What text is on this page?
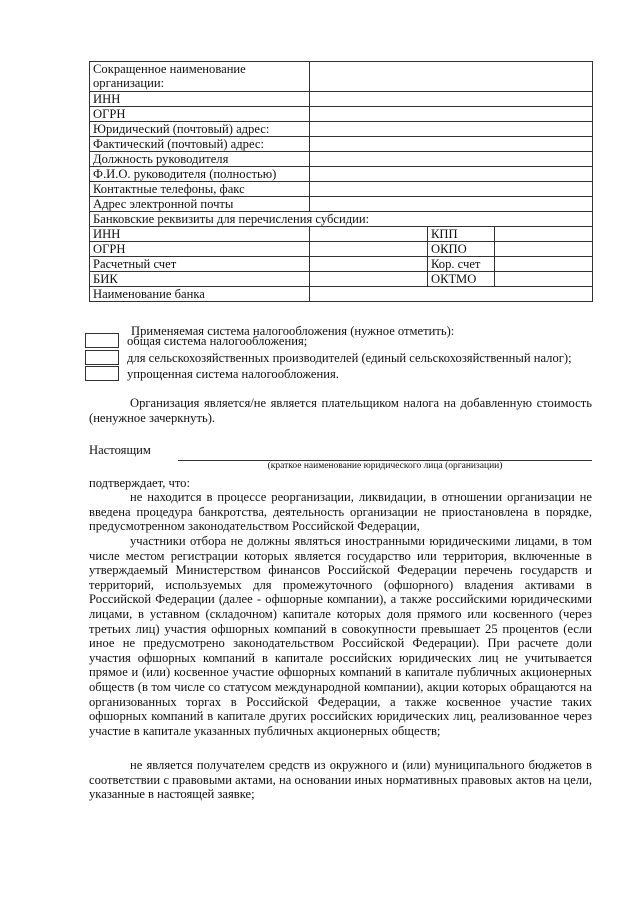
Сокращенное наименование организации:			
ИНН			
ОГРН			
Юридический (почтовый) адрес:			
Фактический (почтовый) адрес:			
Должность руководителя			
Ф.И.О. руководителя (полностью)			
Контактные телефоны, факс			
Адрес электронной почты			
Банковские реквизиты для перечисления субсидии:			
ИНН		КПП	
ОГРН		ОКПО	
Расчетный счет		Кор. счет	
БИК		ОКТМО	
Наименование банка			
Применяемая система налогообложения (нужное отметить):
общая система налогообложения;
для сельскохозяйственных производителей (единый сельскохозяйственный налог);
упрощенная система налогообложения.
Организация является/не является плательщиком налога на добавленную стоимость (ненужное зачеркнуть).
Настоящим
(краткое наименование юридического лица (организации)
подтверждает, что:
не находится в процессе реорганизации, ликвидации, в отношении организации не введена процедура банкротства, деятельность организации не приостановлена в порядке, предусмотренном законодательством Российской Федерации,
участники отбора не должны являться иностранными юридическими лицами, в том числе местом регистрации которых является государство или территория, включенные в утверждаемый Министерством финансов Российской Федерации перечень государств и территорий, используемых для промежуточного (офшорного) владения активами в Российской Федерации (далее - офшорные компании), а также российскими юридическими лицами, в уставном (складочном) капитале которых доля прямого или косвенного (через третьих лиц) участия офшорных компаний в совокупности превышает 25 процентов (если иное не предусмотрено законодательством Российской Федерации). При расчете доли участия офшорных компаний в капитале российских юридических лиц не учитывается прямое и (или) косвенное участие офшорных компаний в капитале публичных акционерных обществ (в том числе со статусом международной компании), акции которых обращаются на организованных торгах в Российской Федерации, а также косвенное участие таких офшорных компаний в капитале других российских юридических лиц, реализованное через участие в капитале указанных публичных акционерных обществ;
не является получателем средств из окружного и (или) муниципального бюджетов в соответствии с правовыми актами, на основании иных нормативных правовых актов на цели, указанные в настоящей заявке;
